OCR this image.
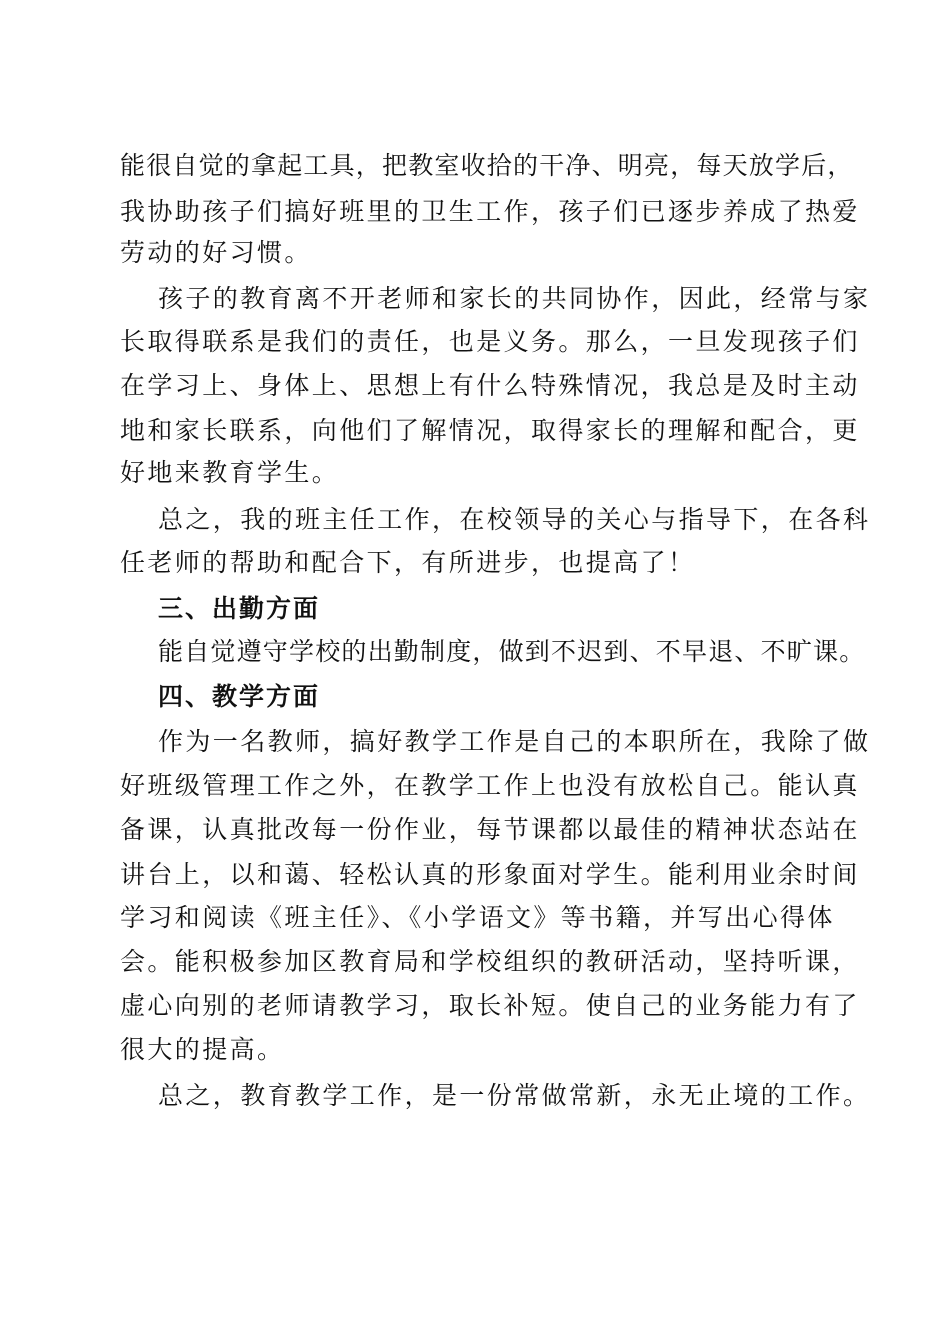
能很自觉的拿起工具，把教室收拾的干净、明亮，每天放学后，
我协助孩子们搞好班里的卫生工作，孩子们已逐步养成了热爱
劳动的好习惯。
孩子的教育离不开老师和家长的共同协作，因此，经常与家
长取得联系是我们的责任，也是义务。那么，一旦发现孩子们
在学习上、身体上、思想上有什么特殊情况，我总是及时主动
地和家长联系，向他们了解情况，取得家长的理解和配合，更
好地来教育学生。
总之，我的班主任工作，在校领导的关心与指导下，在各科
任老师的帮助和配合下，有所进步，也提高了！
三、出勤方面
能自觉遵守学校的出勤制度，做到不迟到、不早退、不旷课。
四、教学方面
作为一名教师，搞好教学工作是自己的本职所在，我除了做
好班级管理工作之外，在教学工作上也没有放松自己。能认真
备课，认真批改每一份作业，每节课都以最佳的精神状态站在
讲台上，以和蔼、轻松认真的形象面对学生。能利用业余时间
学习和阅读《班主任》、《小学语文》等书籍，并写出心得体
会。能积极参加区教育局和学校组织的教研活动，坚持听课，
虚心向别的老师请教学习，取长补短。使自己的业务能力有了
很大的提高。
总之，教育教学工作，是一份常做常新，永无止境的工作。
